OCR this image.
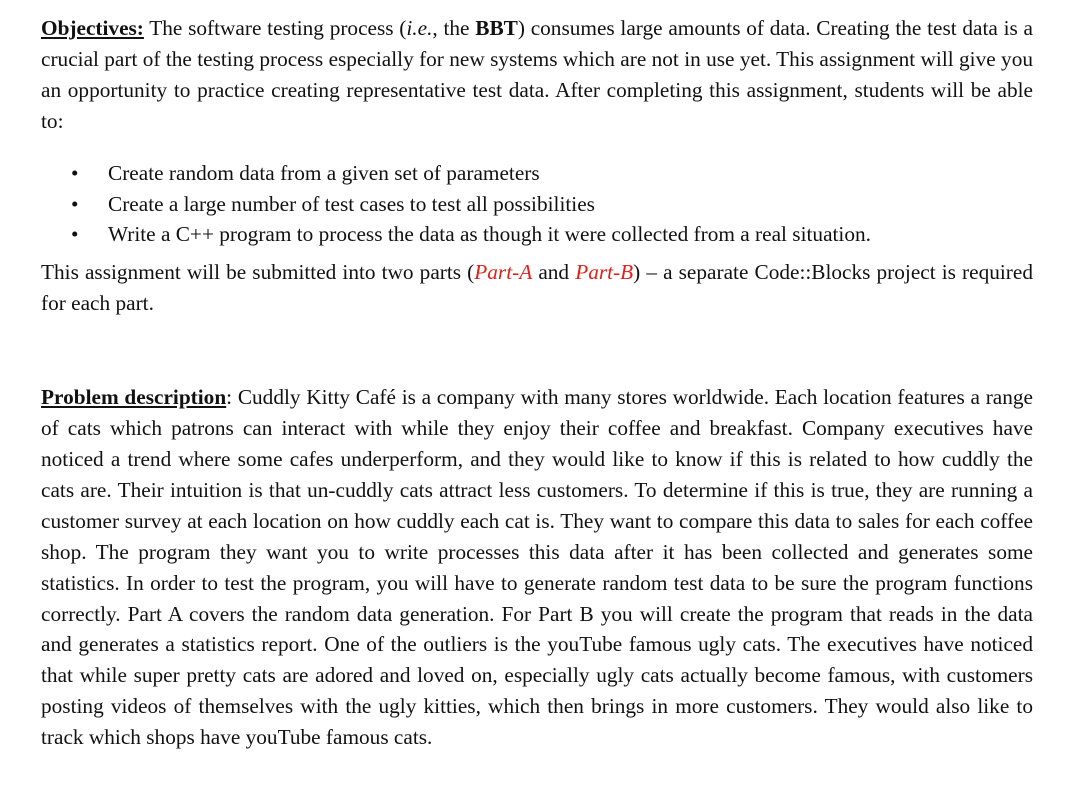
Objectives: The software testing process (i.e., the BBT) consumes large amounts of data. Creating the test data is a crucial part of the testing process especially for new systems which are not in use yet. This assignment will give you an opportunity to practice creating representative test data. After completing this assignment, students will be able to:

• Create random data from a given set of parameters
• Create a large number of test cases to test all possibilities
• Write a C++ program to process the data as though it were collected from a real situation.

This assignment will be submitted into two parts (Part-A and Part-B) – a separate Code::Blocks project is required for each part.

Problem description: Cuddly Kitty Café is a company with many stores worldwide. Each location features a range of cats which patrons can interact with while they enjoy their coffee and breakfast. Company executives have noticed a trend where some cafes underperform, and they would like to know if this is related to how cuddly the cats are. Their intuition is that un-cuddly cats attract less customers. To determine if this is true, they are running a customer survey at each location on how cuddly each cat is. They want to compare this data to sales for each coffee shop. The program they want you to write processes this data after it has been collected and generates some statistics. In order to test the program, you will have to generate random test data to be sure the program functions correctly. Part A covers the random data generation. For Part B you will create the program that reads in the data and generates a statistics report. One of the outliers is the youTube famous ugly cats. The executives have noticed that while super pretty cats are adored and loved on, especially ugly cats actually become famous, with customers posting videos of themselves with the ugly kitties, which then brings in more customers. They would also like to track which shops have youTube famous cats.
